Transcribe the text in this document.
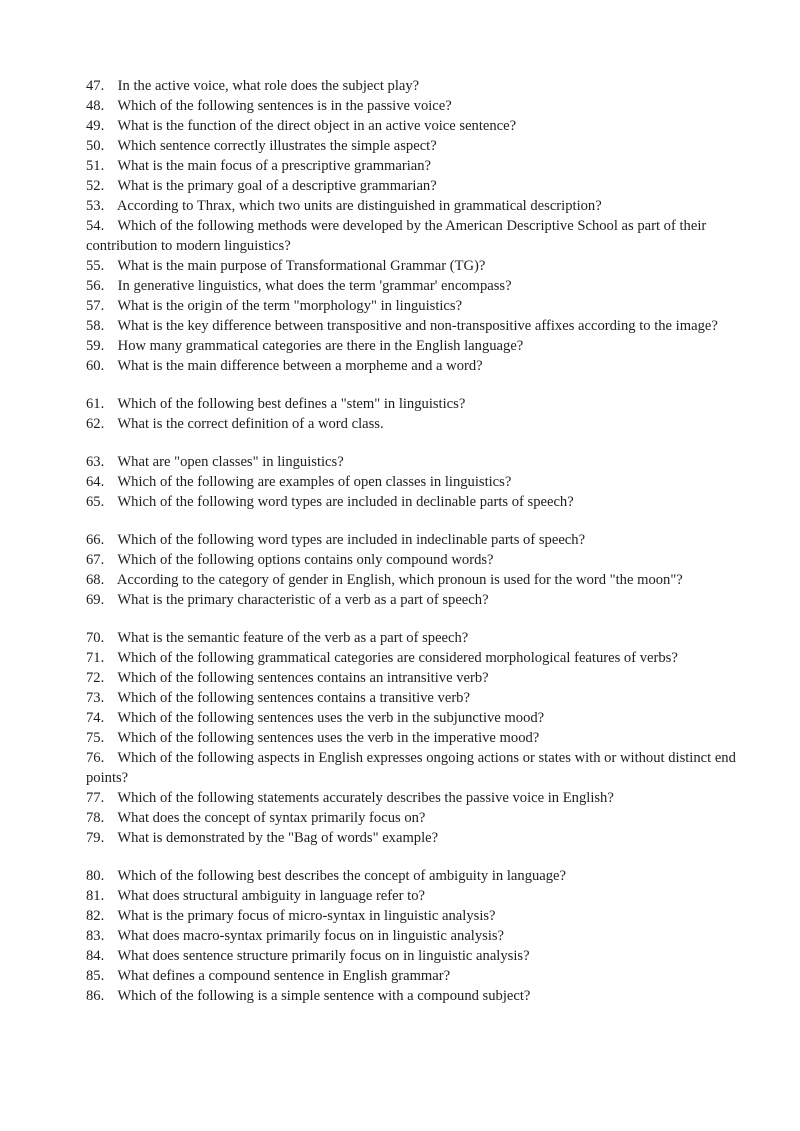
47. In the active voice, what role does the subject play?
48. Which of the following sentences is in the passive voice?
49. What is the function of the direct object in an active voice sentence?
50. Which sentence correctly illustrates the simple aspect?
51. What is the main focus of a prescriptive grammarian?
52. What is the primary goal of a descriptive grammarian?
53. According to Thrax, which two units are distinguished in grammatical description?
54. Which of the following methods were developed by the American Descriptive School as part of their contribution to modern linguistics?
55. What is the main purpose of Transformational Grammar (TG)?
56. In generative linguistics, what does the term 'grammar' encompass?
57. What is the origin of the term "morphology" in linguistics?
58. What is the key difference between transpositive and non-transpositive affixes according to the image?
59. How many grammatical categories are there in the English language?
60. What is the main difference between a morpheme and a word?
61. Which of the following best defines a "stem" in linguistics?
62. What is the correct definition of a word class.
63. What are "open classes" in linguistics?
64. Which of the following are examples of open classes in linguistics?
65. Which of the following word types are included in declinable parts of speech?
66. Which of the following word types are included in indeclinable parts of speech?
67. Which of the following options contains only compound words?
68. According to the category of gender in English, which pronoun is used for the word "the moon"?
69. What is the primary characteristic of a verb as a part of speech?
70. What is the semantic feature of the verb as a part of speech?
71. Which of the following grammatical categories are considered morphological features of verbs?
72. Which of the following sentences contains an intransitive verb?
73. Which of the following sentences contains a transitive verb?
74. Which of the following sentences uses the verb in the subjunctive mood?
75. Which of the following sentences uses the verb in the imperative mood?
76. Which of the following aspects in English expresses ongoing actions or states with or without distinct end points?
77. Which of the following statements accurately describes the passive voice in English?
78. What does the concept of syntax primarily focus on?
79. What is demonstrated by the "Bag of words" example?
80. Which of the following best describes the concept of ambiguity in language?
81. What does structural ambiguity in language refer to?
82. What is the primary focus of micro-syntax in linguistic analysis?
83. What does macro-syntax primarily focus on in linguistic analysis?
84. What does sentence structure primarily focus on in linguistic analysis?
85. What defines a compound sentence in English grammar?
86. Which of the following is a simple sentence with a compound subject?
